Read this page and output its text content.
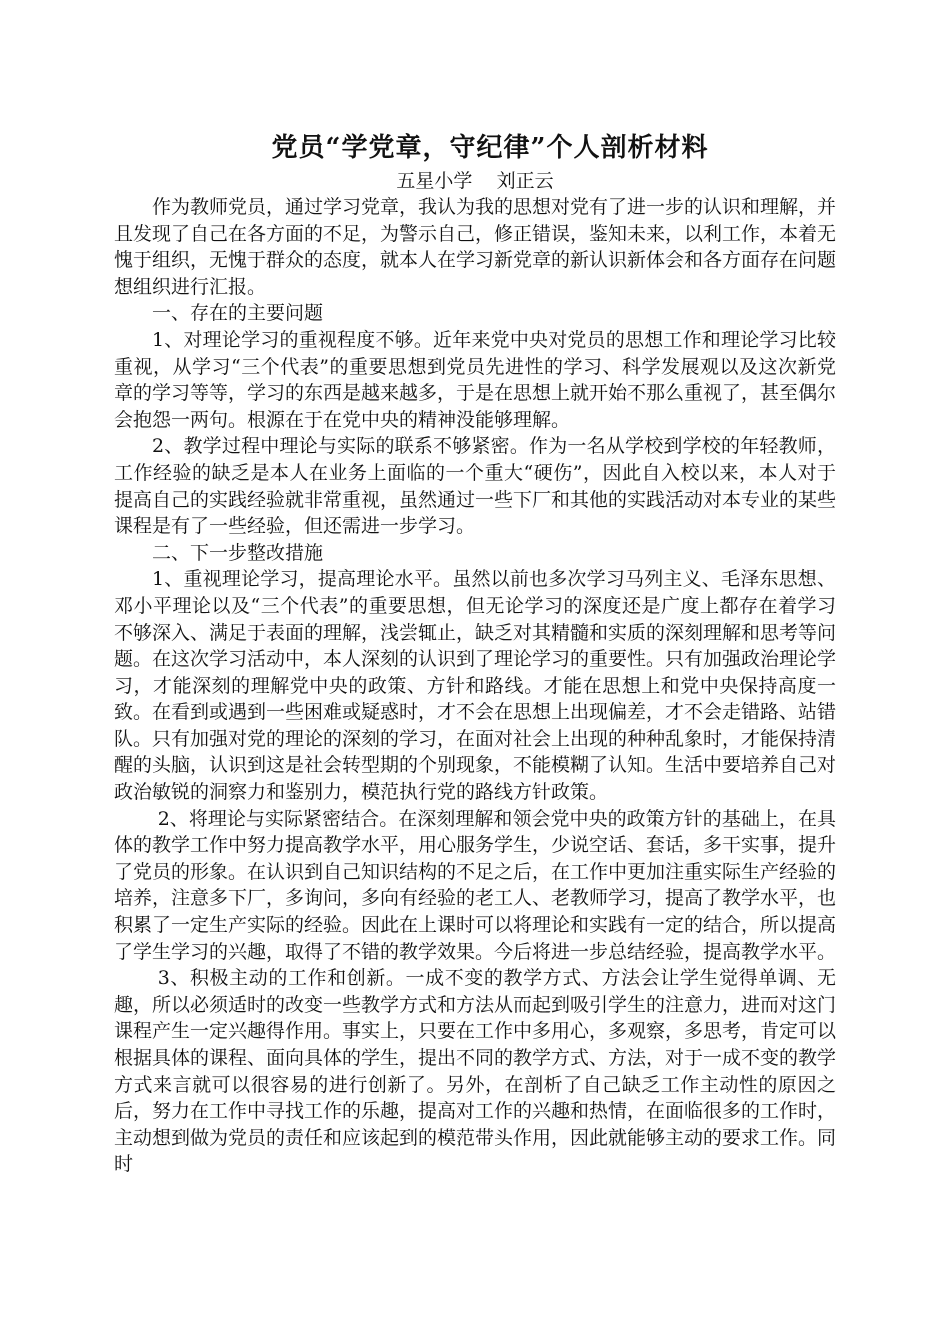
党员“学党章，守纪律”个人剖析材料
五星小学    刘正云

作为教师党员，通过学习党章，我认为我的思想对党有了进一步的认识和理解，并且发现了自己在各方面的不足，为警示自己，修正错误，鉴知未来，以利工作，本着无愧于组织，无愧于群众的态度，就本人在学习新党章的新认识新体会和各方面存在问题想组织进行汇报。

一、存在的主要问题

1、对理论学习的重视程度不够。近年来党中央对党员的思想工作和理论学习比较重视，从学习“三个代表”的重要思想到党员先进性的学习、科学发展观以及这次新党章的学习等等，学习的东西是越来越多，于是在思想上就开始不那么重视了，甚至偶尔会抱怨一两句。根源在于在党中央的精神没能够理解。

2、教学过程中理论与实际的联系不够紧密。作为一名从学校到学校的年轻教师，工作经验的缺乏是本人在业务上面临的一个重大“硬伤”，因此自入校以来，本人对于提高自己的实践经验就非常重视，虽然通过一些下厂和其他的实践活动对本专业的某些课程是有了一些经验，但还需进一步学习。

二、下一步整改措施

1、重视理论学习，提高理论水平。虽然以前也多次学习马列主义、毛泽东思想、邓小平理论以及“三个代表”的重要思想，但无论学习的深度还是广度上都存在着学习不够深入、满足于表面的理解，浅尝辄止，缺乏对其精髓和实质的深刻理解和思考等问题。在这次学习活动中，本人深刻的认识到了理论学习的重要性。只有加强政治理论学习，才能深刻的理解党中央的政策、方针和路线。才能在思想上和党中央保持高度一致。在看到或遇到一些困难或疑惑时，才不会在思想上出现偏差，才不会走错路、站错队。只有加强对党的理论的深刻的学习，在面对社会上出现的种种乱象时，才能保持清醒的头脑，认识到这是社会转型期的个别现象，不能模糊了认知。生活中要培养自己对政治敏锐的洞察力和鉴别力，模范执行党的路线方针政策。

2、将理论与实际紧密结合。在深刻理解和领会党中央的政策方针的基础上，在具体的教学工作中努力提高教学水平，用心服务学生，少说空话、套话，多干实事，提升了党员的形象。在认识到自己知识结构的不足之后，在工作中更加注重实际生产经验的培养，注意多下厂，多询问，多向有经验的老工人、老教师学习，提高了教学水平，也积累了一定生产实际的经验。因此在上课时可以将理论和实践有一定的结合，所以提高了学生学习的兴趣，取得了不错的教学效果。今后将进一步总结经验，提高教学水平。

3、积极主动的工作和创新。一成不变的教学方式、方法会让学生觉得单调、无趣，所以必须适时的改变一些教学方式和方法从而起到吸引学生的注意力，进而对这门课程产生一定兴趣得作用。事实上，只要在工作中多用心，多观察，多思考，肯定可以根据具体的课程、面向具体的学生，提出不同的教学方式、方法，对于一成不变的教学方式来言就可以很容易的进行创新了。另外，在剖析了自己缺乏工作主动性的原因之后，努力在工作中寻找工作的乐趣，提高对工作的兴趣和热情，在面临很多的工作时，主动想到做为党员的责任和应该起到的模范带头作用，因此就能够主动的要求工作。同时
